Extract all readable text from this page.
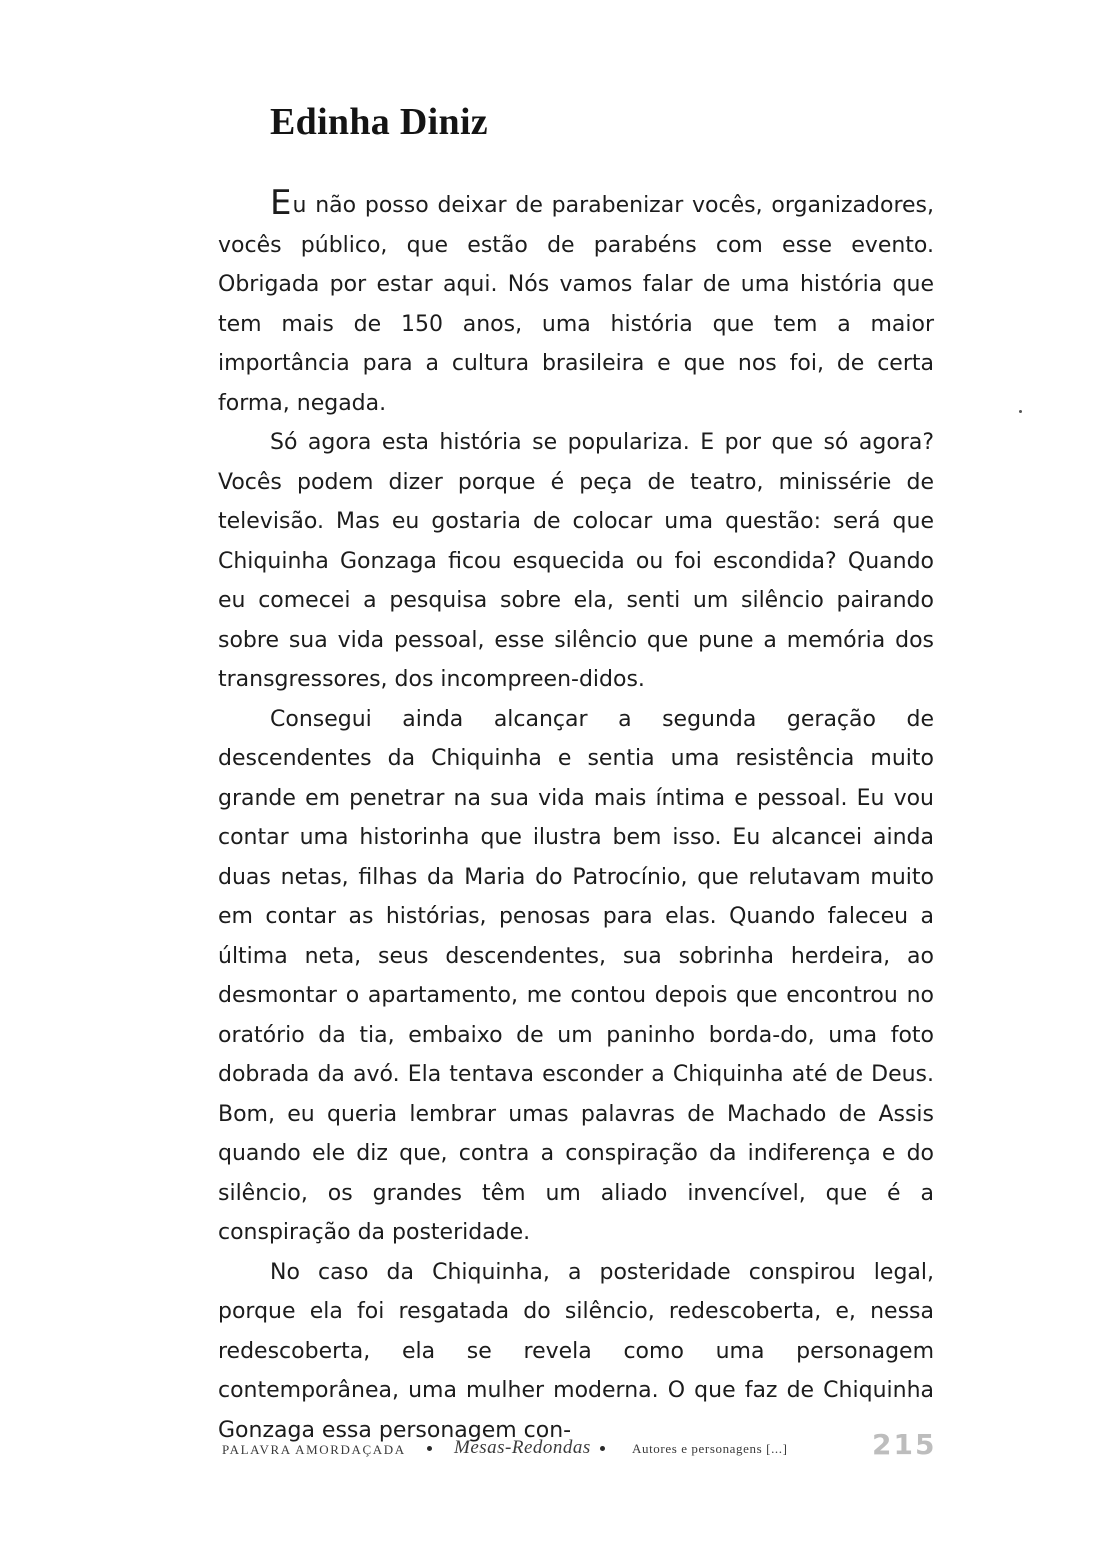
Edinha Diniz

Eu não posso deixar de parabenizar vocês, organizadores, vocês público, que estão de parabéns com esse evento. Obrigada por estar aqui. Nós vamos falar de uma história que tem mais de 150 anos, uma história que tem a maior importância para a cultura brasileira e que nos foi, de certa forma, negada.

Só agora esta história se populariza. E por que só agora? Vocês podem dizer porque é peça de teatro, minissérie de televisão. Mas eu gostaria de colocar uma questão: será que Chiquinha Gonzaga ficou esquecida ou foi escondida? Quando eu comecei a pesquisa sobre ela, senti um silêncio pairando sobre sua vida pessoal, esse silêncio que pune a memória dos transgressores, dos incompreen-didos.

Consegui ainda alcançar a segunda geração de descendentes da Chiquinha e sentia uma resistência muito grande em penetrar na sua vida mais íntima e pessoal. Eu vou contar uma historinha que ilustra bem isso. Eu alcancei ainda duas netas, filhas da Maria do Patrocínio, que relutavam muito em contar as histórias, penosas para elas. Quando faleceu a última neta, seus descendentes, sua sobrinha herdeira, ao desmontar o apartamento, me contou depois que encontrou no oratório da tia, embaixo de um paninho borda-do, uma foto dobrada da avó. Ela tentava esconder a Chiquinha até de Deus. Bom, eu queria lembrar umas palavras de Machado de Assis quando ele diz que, contra a conspiração da indiferença e do silêncio, os grandes têm um aliado invencível, que é a conspiração da posteridade.

No caso da Chiquinha, a posteridade conspirou legal, porque ela foi resgatada do silêncio, redescoberta, e, nessa redescoberta, ela se revela como uma personagem contemporânea, uma mulher moderna. O que faz de Chiquinha Gonzaga essa personagem con-

PALAVRA AMORDAÇADA	Mesas-Redondas	Autores e personagens [...]	215
